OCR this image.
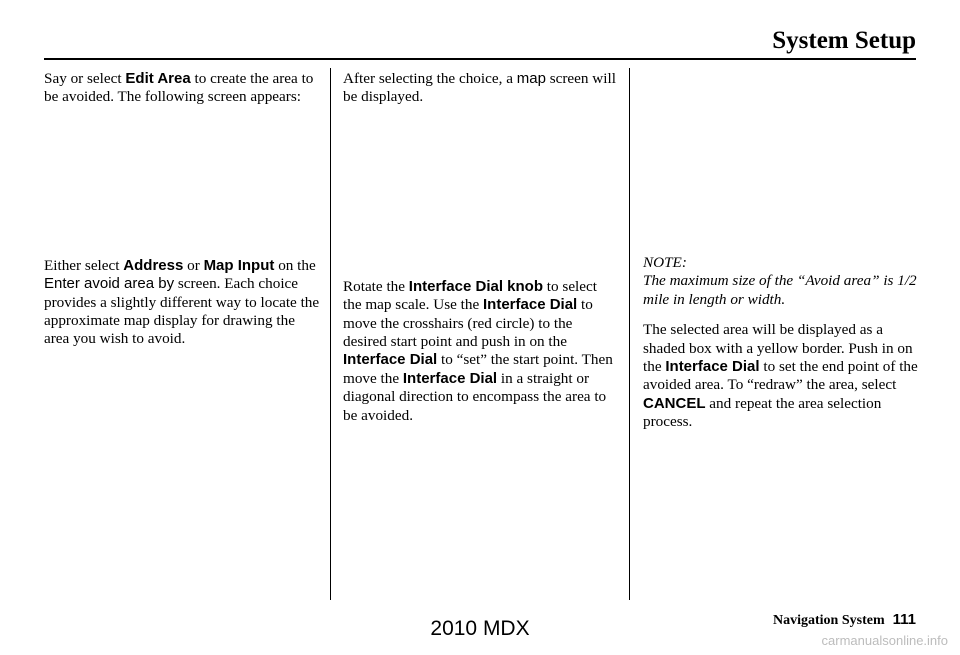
System Setup

Say or select Edit Area to create the area to be avoided. The following screen appears:

Either select Address or Map Input on the Enter avoid area by screen. Each choice provides a slightly different way to locate the approximate map display for drawing the area you wish to avoid.

After selecting the choice, a map screen will be displayed.

Rotate the Interface Dial knob to select the map scale. Use the Interface Dial to move the crosshairs (red circle) to the desired start point and push in on the Interface Dial to “set” the start point. Then move the Interface Dial in a straight or diagonal direction to encompass the area to be avoided.

NOTE:

The maximum size of the “Avoid area” is 1/2 mile in length or width.

The selected area will be displayed as a shaded box with a yellow border. Push in on the Interface Dial to set the end point of the avoided area. To “redraw” the area, select CANCEL and repeat the area selection process.

Navigation System 111
2010 MDX
carmanualsonline.info
